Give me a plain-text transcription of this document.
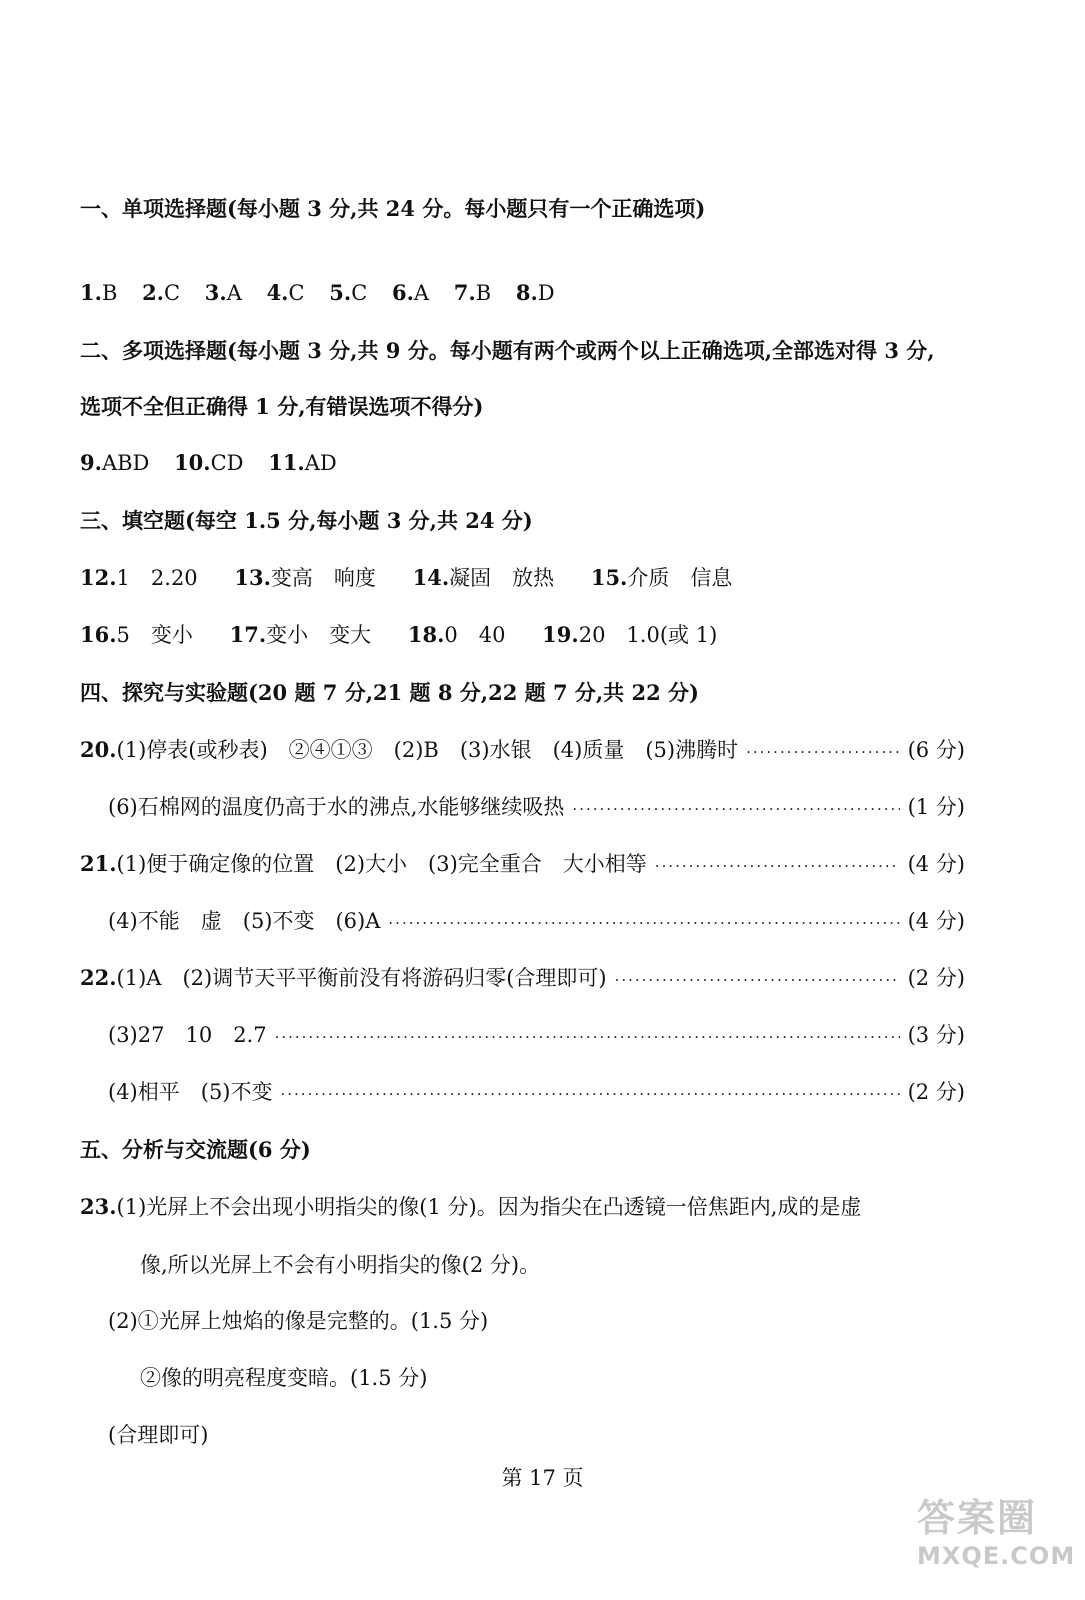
一、单项选择题(每小题 3 分,共 24 分。每小题只有一个正确选项)
1.B 2.C 3.A 4.C 5.C 6.A 7.B 8.D
二、多项选择题(每小题 3 分,共 9 分。每小题有两个或两个以上正确选项,全部选对得 3 分,
选项不全但正确得 1 分,有错误选项不得分)
9.ABD 10.CD 11.AD
三、填空题(每空 1.5 分,每小题 3 分,共 24 分)
12.1　2.20 13.变高　响度 14.凝固　放热 15.介质　信息
16.5　变小 17.变小　变大 18.0　40 19.20　1.0(或 1)
四、探究与实验题(20 题 7 分,21 题 8 分,22 题 7 分,共 22 分)
20.(1)停表(或秒表)　②④①③　(2)B　(3)水银　(4)质量　(5)沸腾时 ·····	(6 分)
(6)石棉网的温度仍高于水的沸点,水能够继续吸热 ·····	(1 分)
21.(1)便于确定像的位置　(2)大小　(3)完全重合　大小相等 ·····	(4 分)
(4)不能　虚　(5)不变　(6)A ·····	(4 分)
22.(1)A　(2)调节天平平衡前没有将游码归零(合理即可) ·····	(2 分)
(3)27　10　2.7 ·····	(3 分)
(4)相平　(5)不变 ·····	(2 分)
五、分析与交流题(6 分)
23.(1)光屏上不会出现小明指尖的像(1 分)。因为指尖在凸透镜一倍焦距内,成的是虚
像,所以光屏上不会有小明指尖的像(2 分)。
(2)①光屏上烛焰的像是完整的。(1.5 分)
②像的明亮程度变暗。(1.5 分)
(合理即可)
第 17 页
答案圈
MXQE.COM
